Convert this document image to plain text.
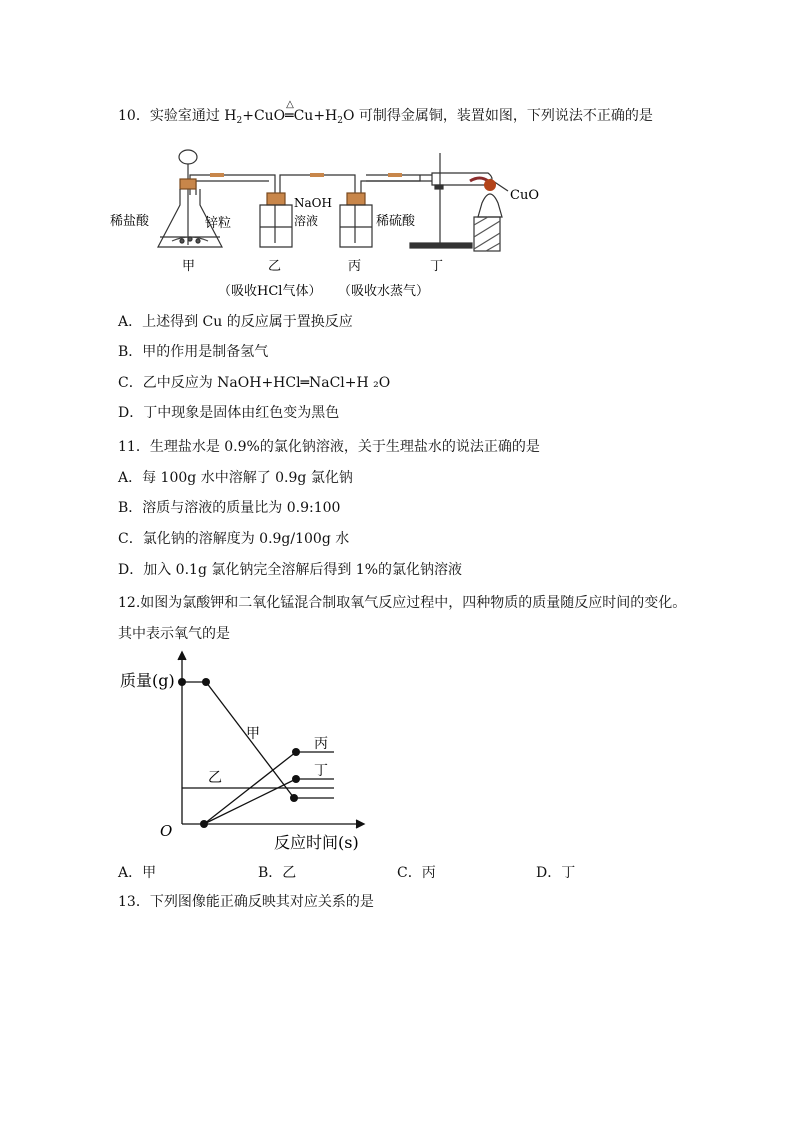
10．实验室通过 $H_2+CuO$
△
$═Cu+H_2O$ 可制得金属铜，装置如图，下列说法不正确的是
稀盐酸	锌粒
NaOH
溶液	稀硫酸
CuO
甲	乙	丙	丁
（吸收HCl气体） （吸收水蒸气）
A．上述得到 Cu 的反应属于置换反应
B．甲的作用是制备氢气
C．乙中反应为 NaOH+HCl═NaCl+H ₂O
D．丁中现象是固体由红色变为黑色
11．生理盐水是 0.9%的氯化钠溶液，关于生理盐水的说法正确的是
A．每 100g 水中溶解了 0.9g 氯化钠
B．溶质与溶液的质量比为 0.9:100
C．氯化钠的溶解度为 0.9g/100g 水
D．加入 0.1g 氯化钠完全溶解后得到 1%的氯化钠溶液
12.如图为氯酸钾和二氧化锰混合制取氧气反应过程中，四种物质的质量随反应时间的变化。
其中表示氧气的是
质量(g)
反应时间(s)
O
甲
乙
丙
丁
A．甲	B．乙	C．丙	D．丁
13．下列图像能正确反映其对应关系的是
